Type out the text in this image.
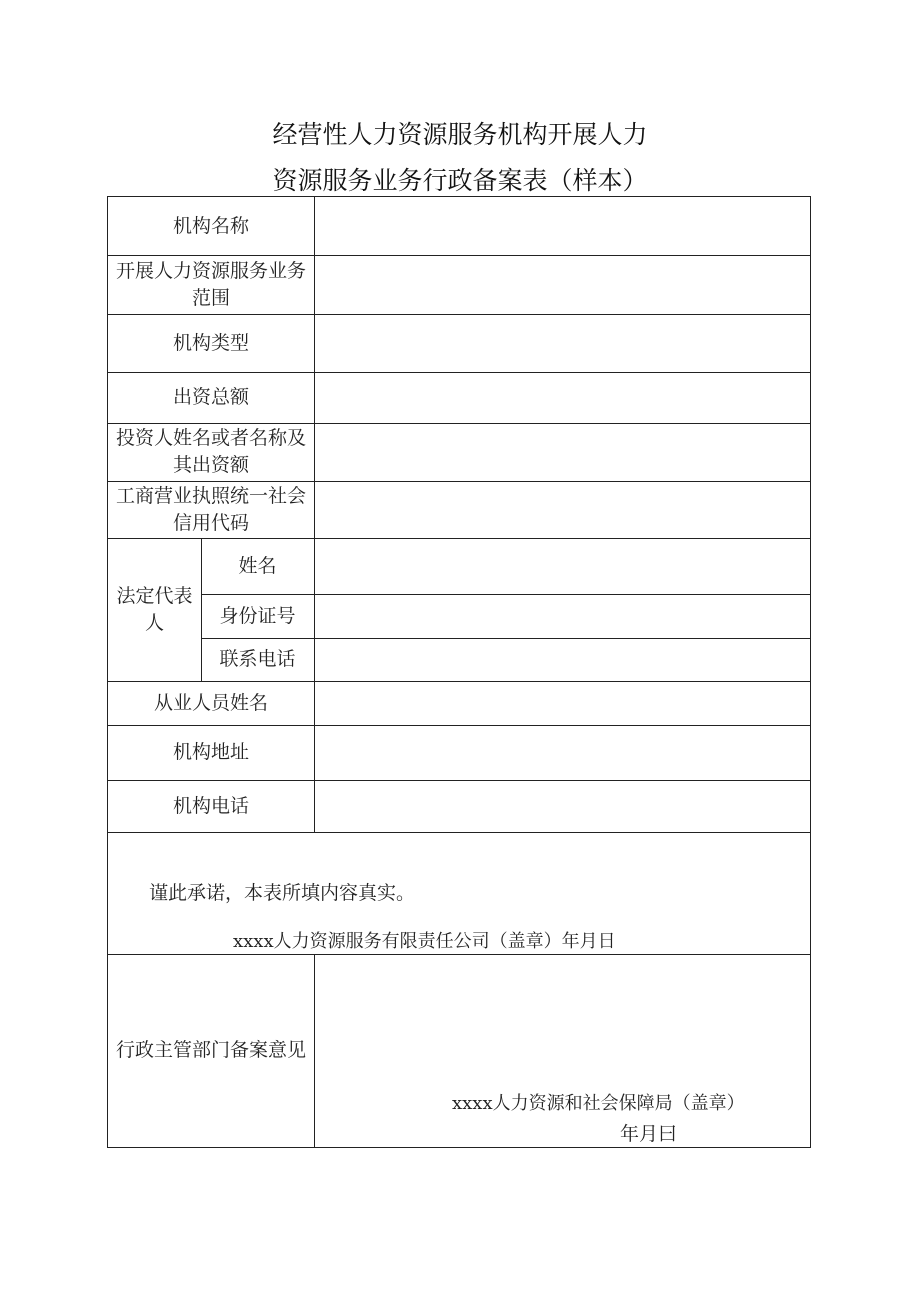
经营性人力资源服务机构开展人力
资源服务业务行政备案表（样本）
机构名称
开展人力资源服务业务范围
机构类型
出资总额
投资人姓名或者名称及其出资额
工商营业执照统一社会信用代码
法定代表人
姓名
身份证号
联系电话
从业人员姓名
机构地址
机构电话
谨此承诺，本表所填内容真实。
xxxx人力资源服务有限责任公司（盖章）年月日
行政主管部门备案意见
xxxx人力资源和社会保障局（盖章）
年月曰
